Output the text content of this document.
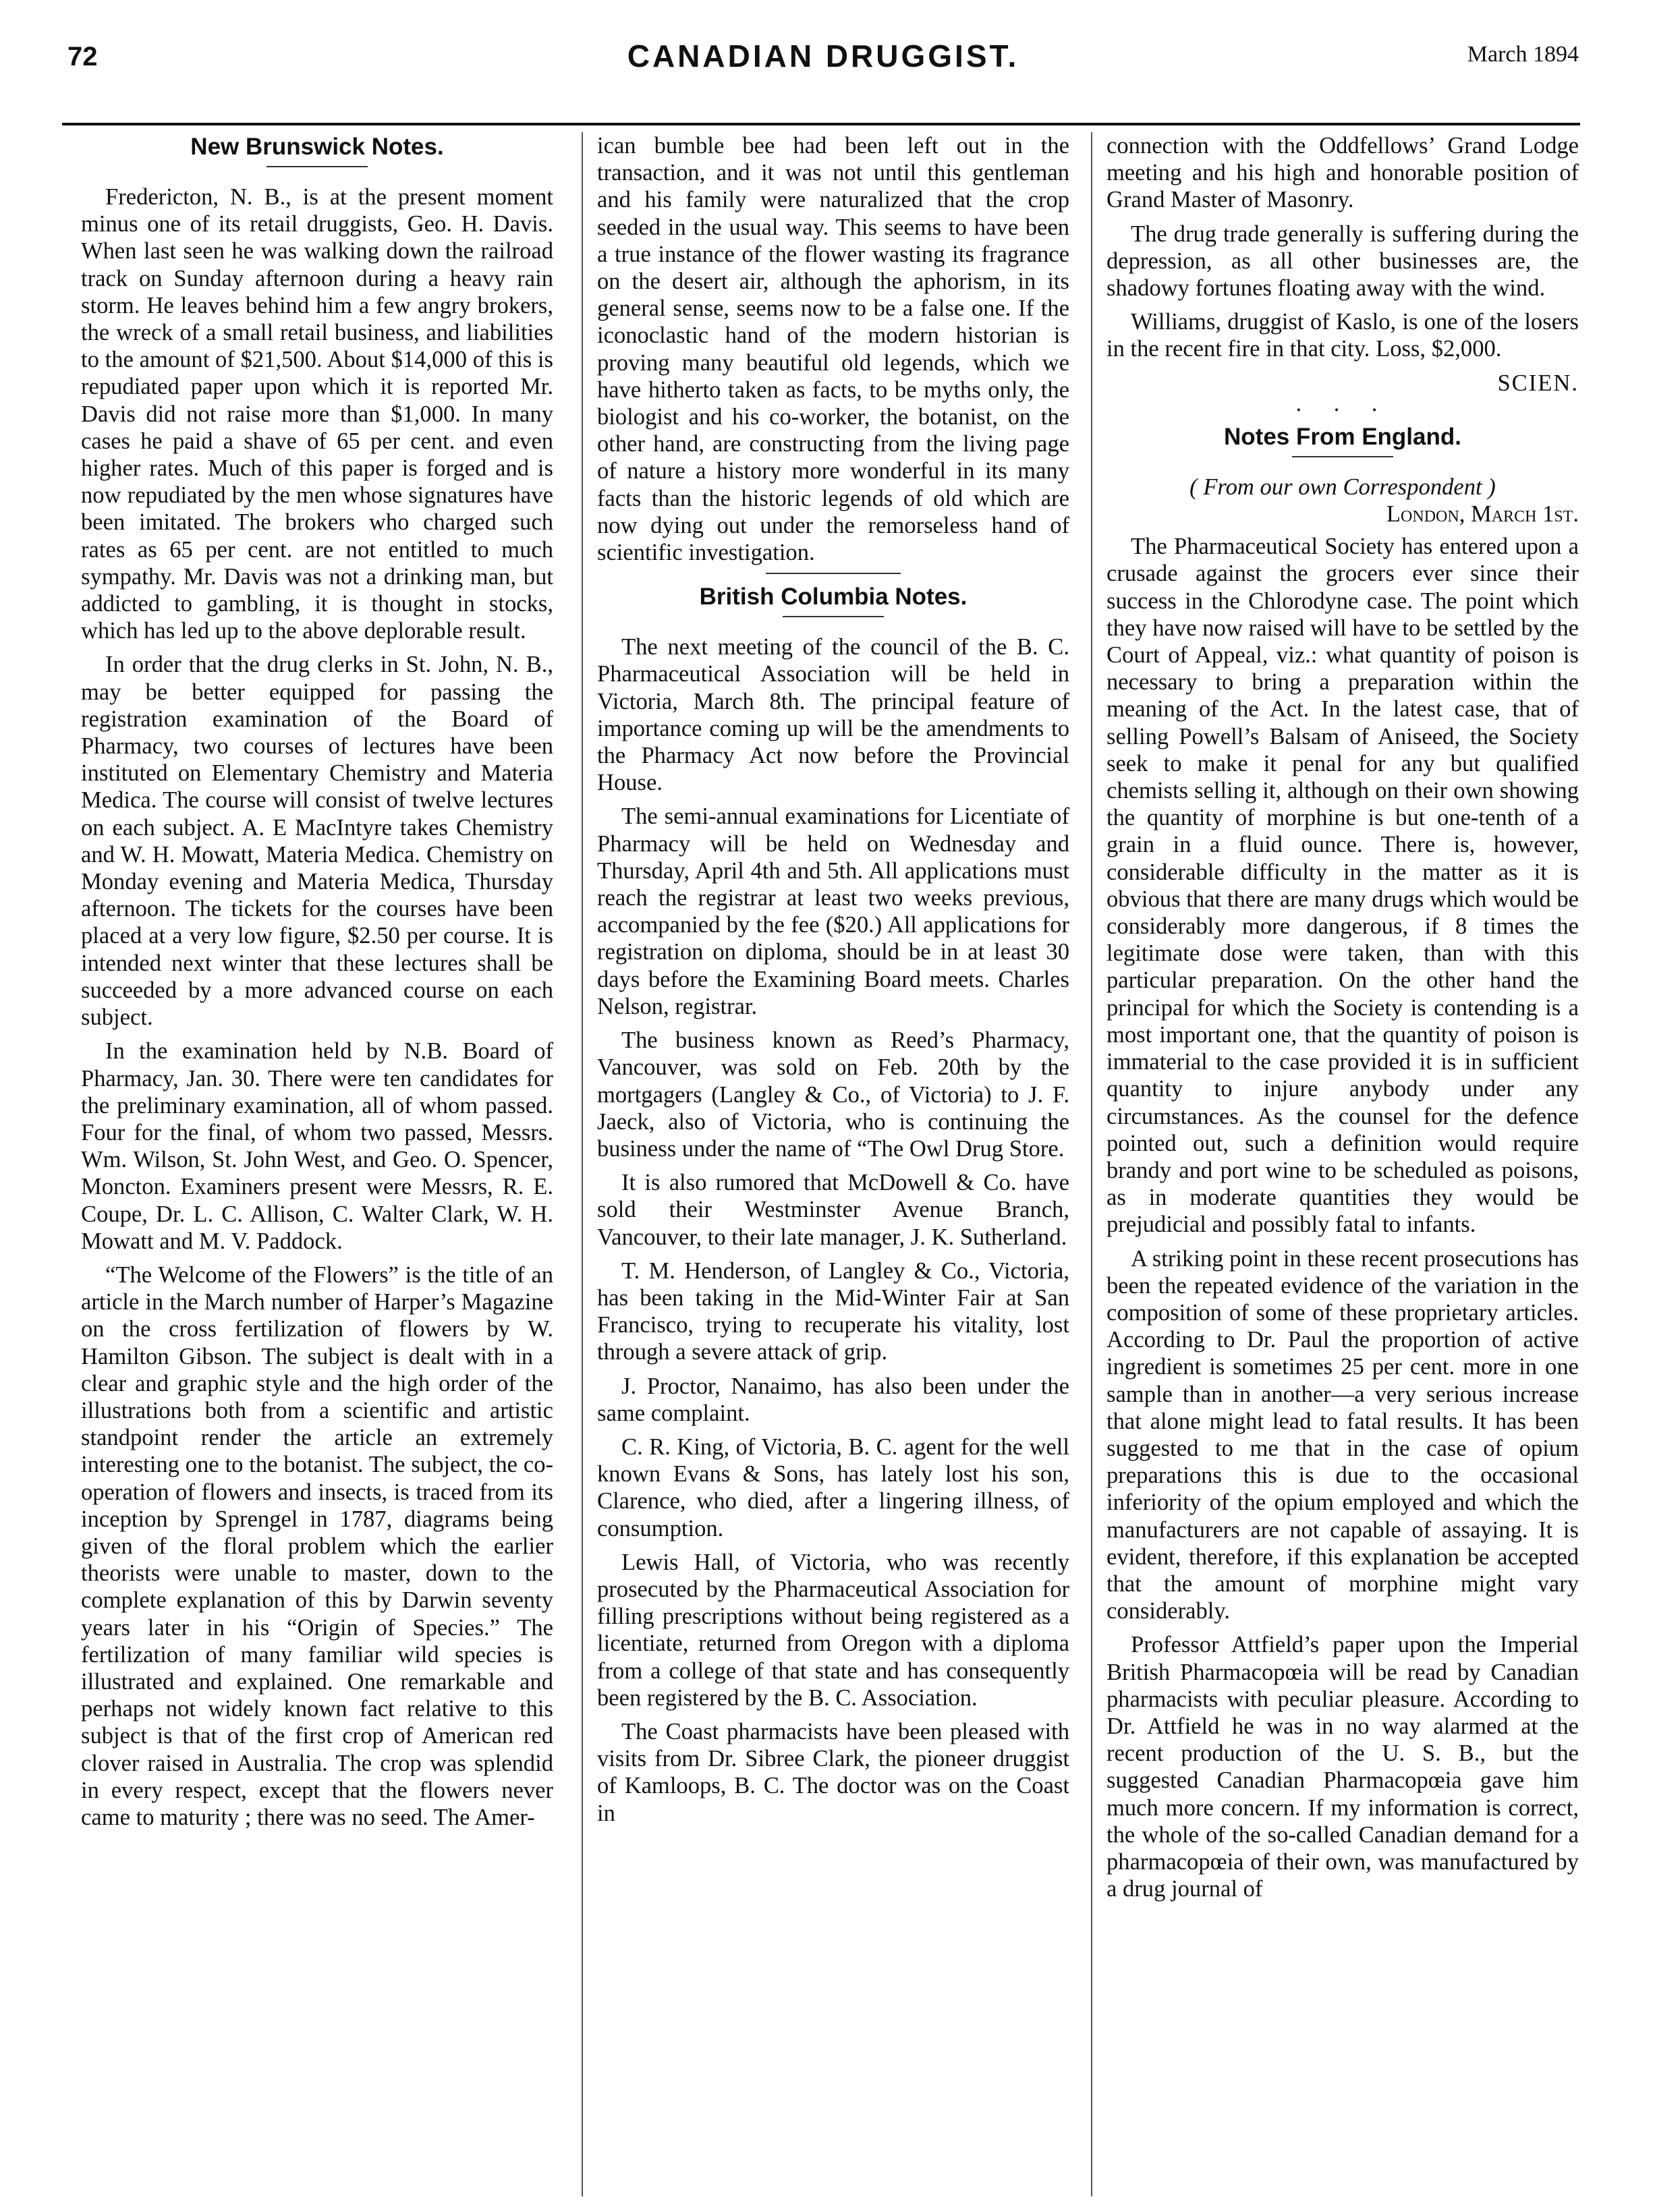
72	CANADIAN DRUGGIST.	March 1894
New Brunswick Notes.

Fredericton, N. B., is at the present moment minus one of its retail druggists, Geo. H. Davis. When last seen he was walking down the railroad track on Sunday afternoon during a heavy rain storm. He leaves behind him a few angry brokers, the wreck of a small retail business, and liabilities to the amount of $21,500. About $14,000 of this is repudiated paper upon which it is reported Mr. Davis did not raise more than $1,000. In many cases he paid a shave of 65 per cent. and even higher rates. Much of this paper is forged and is now repudiated by the men whose signatures have been imitated. The brokers who charged such rates as 65 per cent. are not entitled to much sympathy. Mr. Davis was not a drinking man, but addicted to gambling, it is thought in stocks, which has led up to the above deplorable result.

In order that the drug clerks in St. John, N. B., may be better equipped for passing the registration examination of the Board of Pharmacy, two courses of lectures have been instituted on Elementary Chemistry and Materia Medica. The course will consist of twelve lectures on each subject. A. E MacIntyre takes Chemistry and W. H. Mowatt, Materia Medica. Chemistry on Monday evening and Materia Medica, Thursday afternoon. The tickets for the courses have been placed at a very low figure, $2.50 per course. It is intended next winter that these lectures shall be succeeded by a more advanced course on each subject.

In the examination held by N.B. Board of Pharmacy, Jan. 30. There were ten candidates for the preliminary examination, all of whom passed. Four for the final, of whom two passed, Messrs. Wm. Wilson, St. John West, and Geo. O. Spencer, Moncton. Examiners present were Messrs, R. E. Coupe, Dr. L. C. Allison, C. Walter Clark, W. H. Mowatt and M. V. Paddock.

“The Welcome of the Flowers” is the title of an article in the March number of Harper’s Magazine on the cross fertilization of flowers by W. Hamilton Gibson. The subject is dealt with in a clear and graphic style and the high order of the illustrations both from a scientific and artistic standpoint render the article an extremely interesting one to the botanist. The subject, the co-operation of flowers and insects, is traced from its inception by Sprengel in 1787, diagrams being given of the floral problem which the earlier theorists were unable to master, down to the complete explanation of this by Darwin seventy years later in his “Origin of Species.” The fertilization of many familiar wild species is illustrated and explained. One remarkable and perhaps not widely known fact relative to this subject is that of the first crop of American red clover raised in Australia. The crop was splendid in every respect, except that the flowers never came to maturity ; there was no seed. The Amer-

ican bumble bee had been left out in the transaction, and it was not until this gentleman and his family were naturalized that the crop seeded in the usual way. This seems to have been a true instance of the flower wasting its fragrance on the desert air, although the aphorism, in its general sense, seems now to be a false one. If the iconoclastic hand of the modern historian is proving many beautiful old legends, which we have hitherto taken as facts, to be myths only, the biologist and his co-worker, the botanist, on the other hand, are constructing from the living page of nature a history more wonderful in its many facts than the historic legends of old which are now dying out under the remorseless hand of scientific investigation.

British Columbia Notes.

The next meeting of the council of the B. C. Pharmaceutical Association will be held in Victoria, March 8th. The principal feature of importance coming up will be the amendments to the Pharmacy Act now before the Provincial House.

The semi-annual examinations for Licentiate of Pharmacy will be held on Wednesday and Thursday, April 4th and 5th. All applications must reach the registrar at least two weeks previous, accompanied by the fee ($20.) All applications for registration on diploma, should be in at least 30 days before the Examining Board meets. Charles Nelson, registrar.

The business known as Reed’s Pharmacy, Vancouver, was sold on Feb. 20th by the mortgagers (Langley & Co., of Victoria) to J. F. Jaeck, also of Victoria, who is continuing the business under the name of “The Owl Drug Store.

It is also rumored that McDowell & Co. have sold their Westminster Avenue Branch, Vancouver, to their late manager, J. K. Sutherland.

T. M. Henderson, of Langley & Co., Victoria, has been taking in the Mid-Winter Fair at San Francisco, trying to recuperate his vitality, lost through a severe attack of grip.

J. Proctor, Nanaimo, has also been under the same complaint.

C. R. King, of Victoria, B. C. agent for the well known Evans & Sons, has lately lost his son, Clarence, who died, after a lingering illness, of consumption.

Lewis Hall, of Victoria, who was recently prosecuted by the Pharmaceutical Association for filling prescriptions without being registered as a licentiate, returned from Oregon with a diploma from a college of that state and has consequently been registered by the B. C. Association.

The Coast pharmacists have been pleased with visits from Dr. Sibree Clark, the pioneer druggist of Kamloops, B. C. The doctor was on the Coast in

connection with the Oddfellows’ Grand Lodge meeting and his high and honorable position of Grand Master of Masonry.

The drug trade generally is suffering during the depression, as all other businesses are, the shadowy fortunes floating away with the wind.

Williams, druggist of Kaslo, is one of the losers in the recent fire in that city. Loss, $2,000.

SCIEN.

· · ·
Notes From England.

( From our own Correspondent )

London, March 1st.

The Pharmaceutical Society has entered upon a crusade against the grocers ever since their success in the Chlorodyne case. The point which they have now raised will have to be settled by the Court of Appeal, viz.: what quantity of poison is necessary to bring a preparation within the meaning of the Act. In the latest case, that of selling Powell’s Balsam of Aniseed, the Society seek to make it penal for any but qualified chemists selling it, although on their own showing the quantity of morphine is but one-tenth of a grain in a fluid ounce. There is, however, considerable difficulty in the matter as it is obvious that there are many drugs which would be considerably more dangerous, if 8 times the legitimate dose were taken, than with this particular preparation. On the other hand the principal for which the Society is contending is a most important one, that the quantity of poison is immaterial to the case provided it is in sufficient quantity to injure anybody under any circumstances. As the counsel for the defence pointed out, such a definition would require brandy and port wine to be scheduled as poisons, as in moderate quantities they would be prejudicial and possibly fatal to infants.

A striking point in these recent prosecutions has been the repeated evidence of the variation in the composition of some of these proprietary articles. According to Dr. Paul the proportion of active ingredient is sometimes 25 per cent. more in one sample than in another—a very serious increase that alone might lead to fatal results. It has been suggested to me that in the case of opium preparations this is due to the occasional inferiority of the opium employed and which the manufacturers are not capable of assaying. It is evident, therefore, if this explanation be accepted that the amount of morphine might vary considerably.

Professor Attfield’s paper upon the Imperial British Pharmacopœia will be read by Canadian pharmacists with peculiar pleasure. According to Dr. Attfield he was in no way alarmed at the recent production of the U. S. B., but the suggested Canadian Pharmacopœia gave him much more concern. If my information is correct, the whole of the so-called Canadian demand for a pharmacopœia of their own, was manufactured by a drug journal of
